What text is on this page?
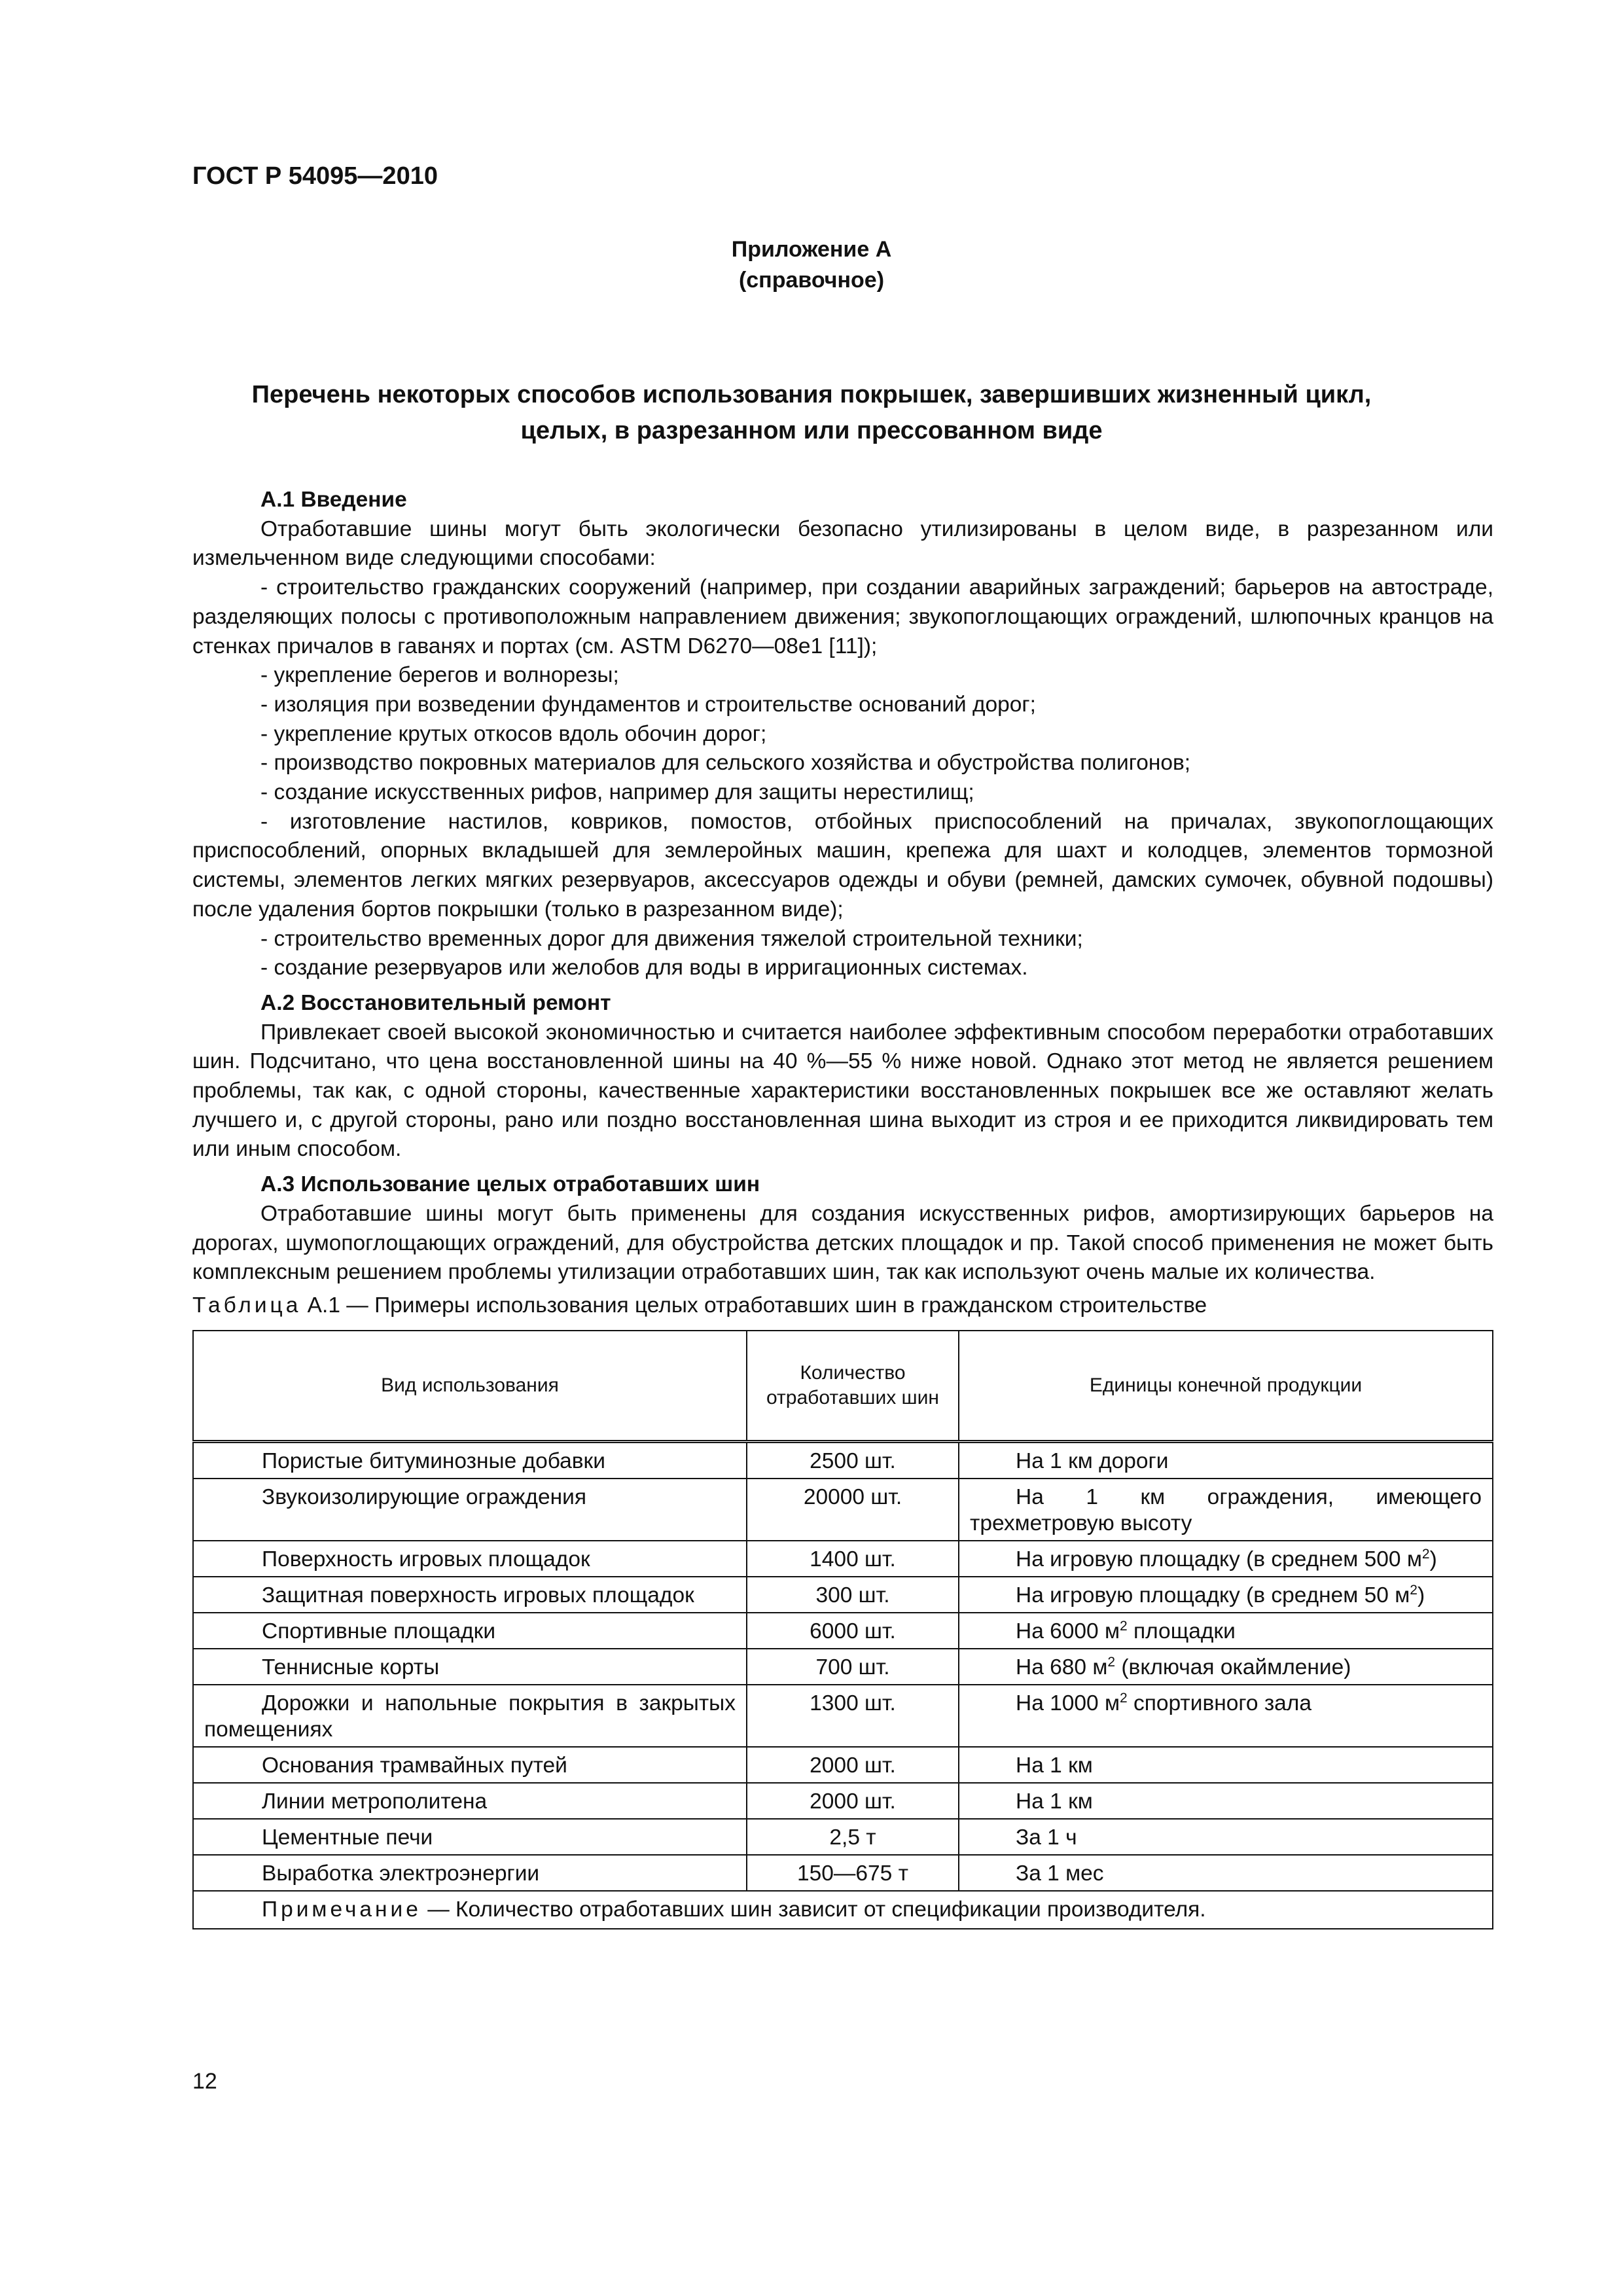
ГОСТ Р 54095—2010

Приложение А
(справочное)
Перечень некоторых способов использования покрышек, завершивших жизненный цикл,
целых, в разрезанном или прессованном виде

А.1 Введение

Отработавшие шины могут быть экологически безопасно утилизированы в целом виде, в разрезанном или измельченном виде следующими способами:

- строительство гражданских сооружений (например, при создании аварийных заграждений; барьеров на автостраде, разделяющих полосы с противоположным направлением движения; звукопоглощающих ограждений, шлюпочных кранцов на стенках причалов в гаванях и портах (см. ASTM D6270—08e1 [11]);

- укрепление берегов и волнорезы;

- изоляция при возведении фундаментов и строительстве оснований дорог;

- укрепление крутых откосов вдоль обочин дорог;

- производство покровных материалов для сельского хозяйства и обустройства полигонов;

- создание искусственных рифов, например для защиты нерестилищ;

- изготовление настилов, ковриков, помостов, отбойных приспособлений на причалах, звукопоглощающих приспособлений, опорных вкладышей для землеройных машин, крепежа для шахт и колодцев, элементов тормозной системы, элементов легких мягких резервуаров, аксессуаров одежды и обуви (ремней, дамских сумочек, обувной подошвы) после удаления бортов покрышки (только в разрезанном виде);

- строительство временных дорог для движения тяжелой строительной техники;

- создание резервуаров или желобов для воды в ирригационных системах.

А.2 Восстановительный ремонт

Привлекает своей высокой экономичностью и считается наиболее эффективным способом переработки отработавших шин. Подсчитано, что цена восстановленной шины на 40 %—55 % ниже новой. Однако этот метод не является решением проблемы, так как, с одной стороны, качественные характеристики восстановленных покрышек все же оставляют желать лучшего и, с другой стороны, рано или поздно восстановленная шина выходит из строя и ее приходится ликвидировать тем или иным способом.

А.3 Использование целых отработавших шин

Отработавшие шины могут быть применены для создания искусственных рифов, амортизирующих барьеров на дорогах, шумопоглощающих ограждений, для обустройства детских площадок и пр. Такой способ применения не может быть комплексным решением проблемы утилизации отработавших шин, так как используют очень малые их количества.

Таблица А.1 — Примеры использования целых отработавших шин в гражданском строительстве

Вид использования	Количество отработавших шин	Единицы конечной продукции

Пористые битуминозные добавки	2500 шт.	На 1 км дороги

Звукоизолирующие ограждения	20000 шт.	На 1 км ограждения, имеющего трехметровую высоту

Поверхность игровых площадок	1400 шт.	На игровую площадку (в среднем 500 $м^2$)

Защитная поверхность игровых площадок	300 шт.	На игровую площадку (в среднем 50 $м^2$)

Спортивные площадки	6000 шт.	На 6000 $м^2$ площадки

Теннисные корты	700 шт.	На 680 $м^2$ (включая окаймление)

Дорожки и напольные покрытия в закрытых помещениях	1300 шт.	На 1000 $м^2$ спортивного зала

Основания трамвайных путей	2000 шт.	На 1 км

Линии метрополитена	2000 шт.	На 1 км

Цементные печи	2,5 т	За 1 ч

Выработка электроэнергии	150—675 т	За 1 мес

Примечание — Количество отработавших шин зависит от спецификации производителя.		

12
